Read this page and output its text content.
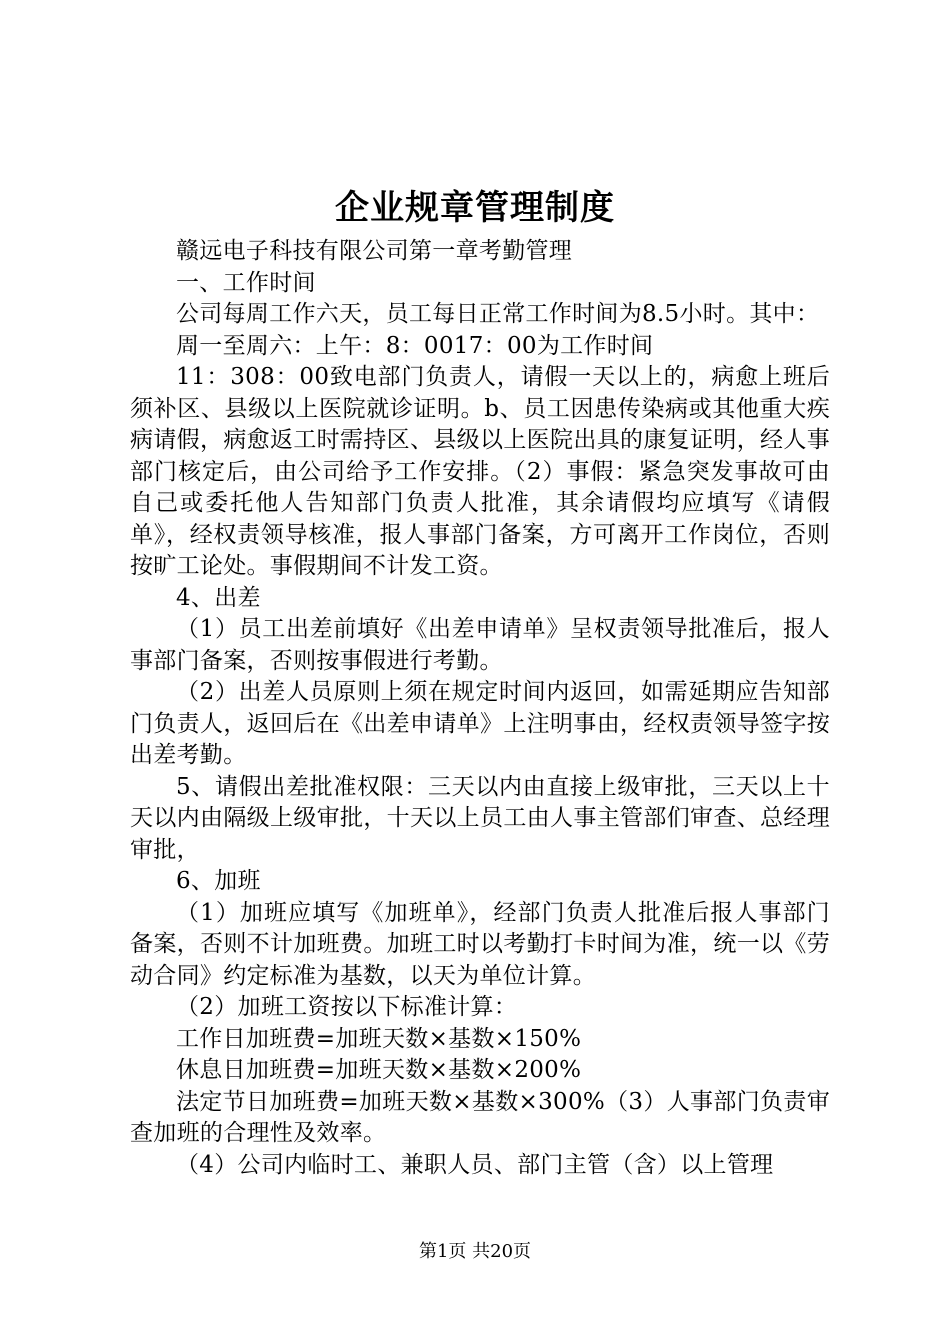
企业规章管理制度

赣远电子科技有限公司第一章考勤管理

一、工作时间

公司每周工作六天，员工每日正常工作时间为8.5小时。其中：

周一至周六：上午：8：0017：00为工作时间

11：308：00致电部门负责人，请假一天以上的，病愈上班后须补区、县级以上医院就诊证明。b、员工因患传染病或其他重大疾病请假，病愈返工时需持区、县级以上医院出具的康复证明，经人事部门核定后，由公司给予工作安排。（2）事假：紧急突发事故可由自己或委托他人告知部门负责人批准，其余请假均应填写《请假单》，经权责领导核准，报人事部门备案，方可离开工作岗位，否则按旷工论处。事假期间不计发工资。

4、出差

（1）员工出差前填好《出差申请单》呈权责领导批准后，报人事部门备案，否则按事假进行考勤。

（2）出差人员原则上须在规定时间内返回，如需延期应告知部门负责人，返回后在《出差申请单》上注明事由，经权责领导签字按出差考勤。

5、请假出差批准权限：三天以内由直接上级审批，三天以上十天以内由隔级上级审批，十天以上员工由人事主管部们审查、总经理审批，

6、加班

（1）加班应填写《加班单》，经部门负责人批准后报人事部门备案，否则不计加班费。加班工时以考勤打卡时间为准，统一以《劳动合同》约定标准为基数，以天为单位计算。

（2）加班工资按以下标准计算：

工作日加班费=加班天数×基数×150%

休息日加班费=加班天数×基数×200%

法定节日加班费=加班天数×基数×300%（3）人事部门负责审查加班的合理性及效率。

（4）公司内临时工、兼职人员、部门主管（含）以上管理

第1页 共20页
